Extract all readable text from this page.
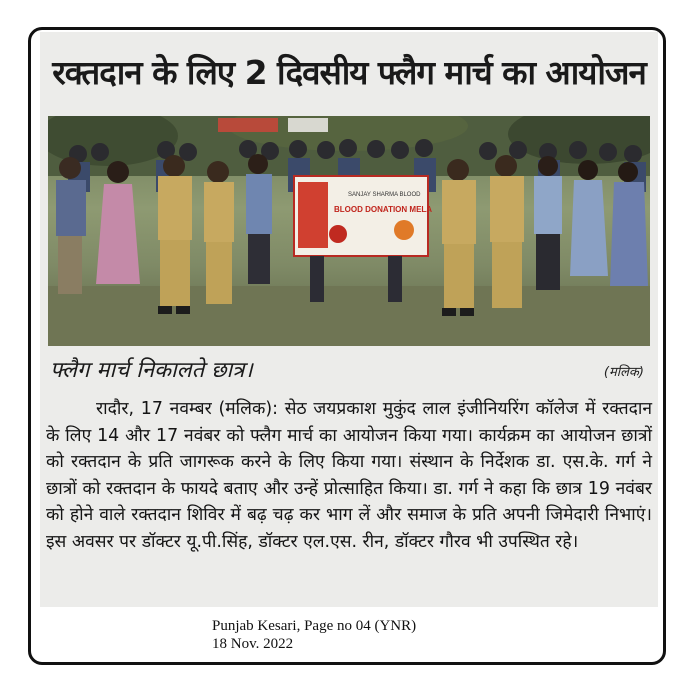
रक्तदान के लिए 2 दिवसीय फ्लैग मार्च का आयोजन
SANJAY SHARMA BLOOD
BLOOD DONATION MELA
फ्लैग मार्च निकालते छात्र।	(मलिक)
रादौर, 17 नवम्बर (मलिक): सेठ जयप्रकाश मुकुंद लाल इंजीनियरिंग कॉलेज में रक्तदान के लिए 14 और 17 नवंबर को फ्लैग मार्च का आयोजन किया गया। कार्यक्रम का आयोजन छात्रों को रक्तदान के प्रति जागरूक करने के लिए किया गया। संस्थान के निर्देशक डा. एस.के. गर्ग ने छात्रों को रक्तदान के फायदे बताए और उन्हें प्रोत्साहित किया। डा. गर्ग ने कहा कि छात्र 19 नवंबर को होने वाले रक्तदान शिविर में बढ़ चढ़ कर भाग लें और समाज के प्रति अपनी जिमेदारी निभाएं। इस अवसर पर डॉक्टर यू.पी.सिंह, डॉक्टर एल.एस. रीन, डॉक्टर गौरव भी उपस्थित रहे।
Punjab Kesari, Page no 04 (YNR)
18 Nov. 2022
